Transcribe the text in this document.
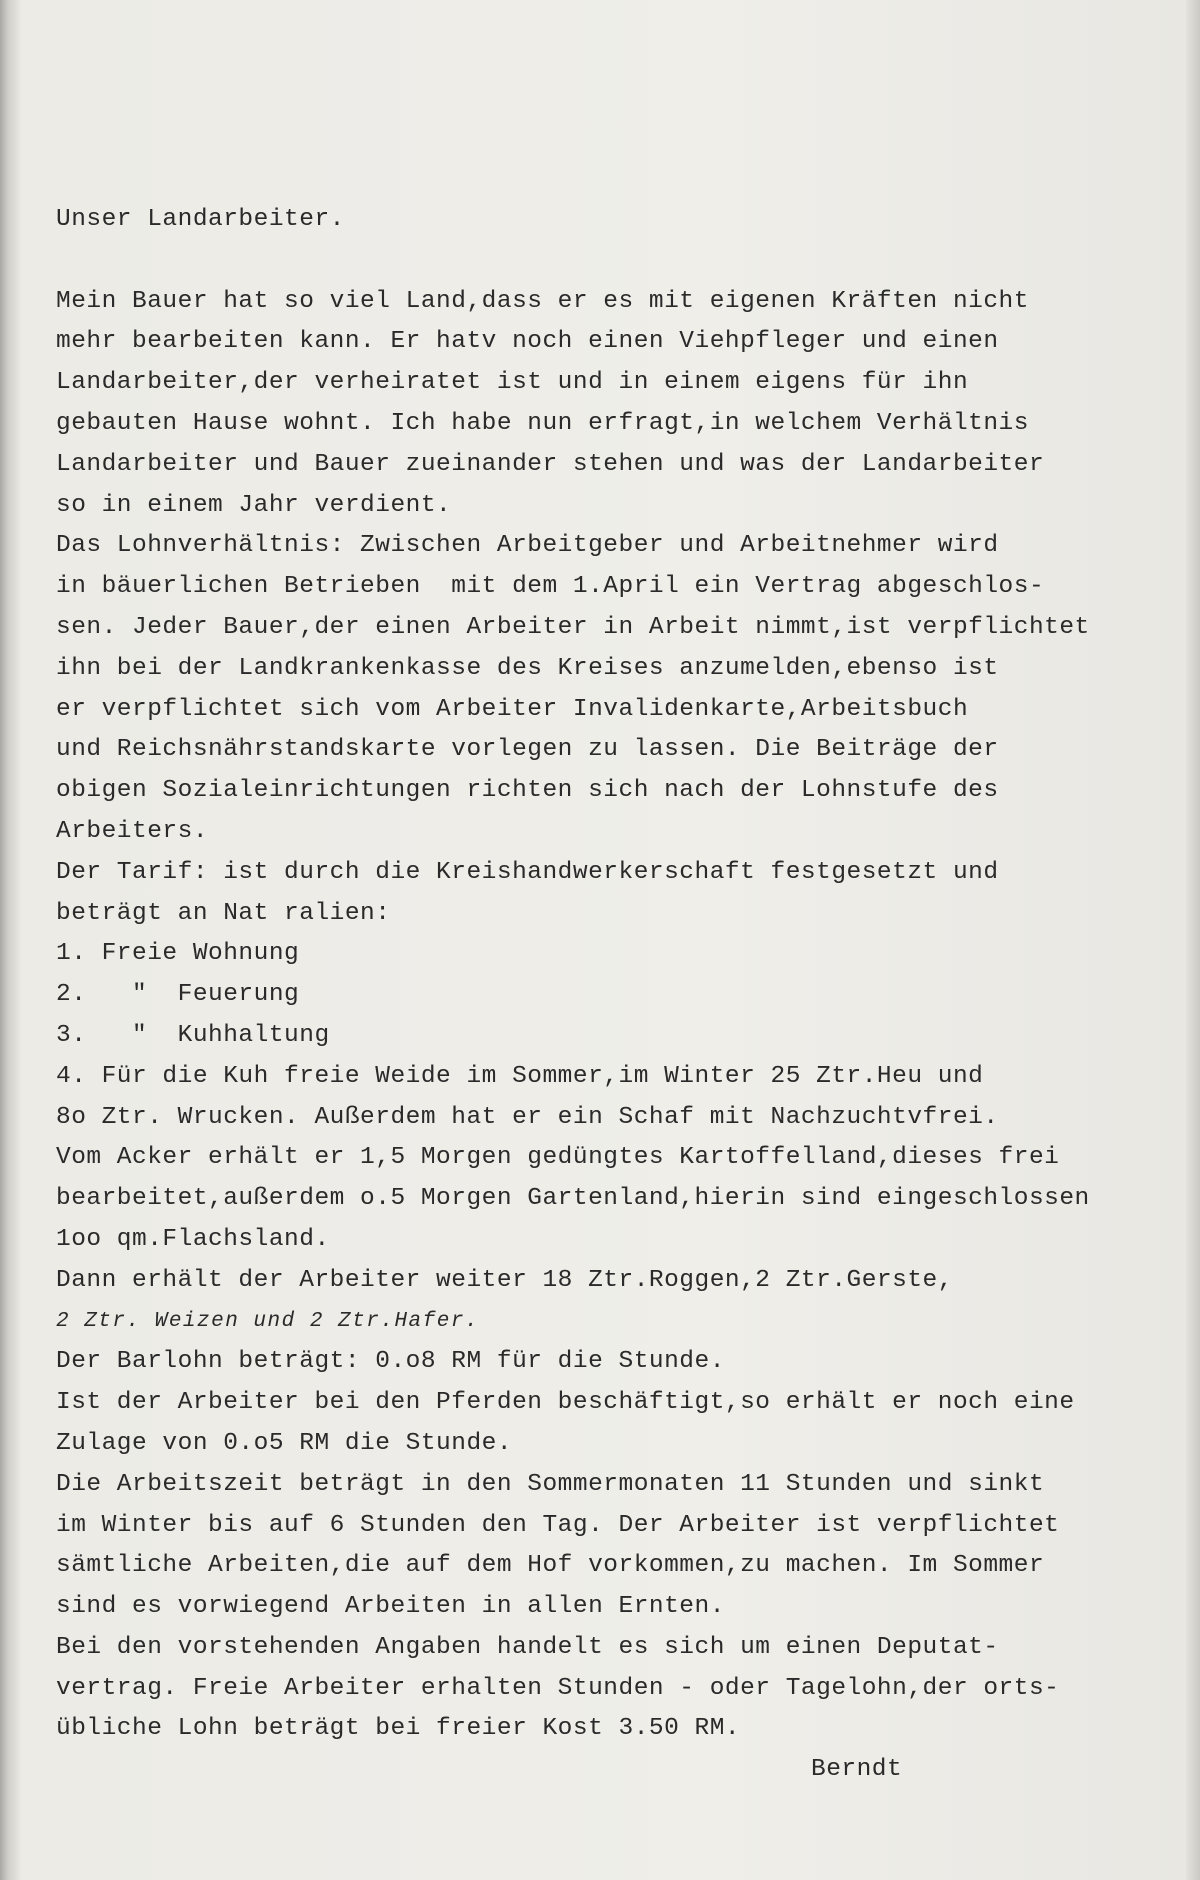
Unser Landarbeiter.
Mein Bauer hat so viel Land,dass er es mit eigenen Kräften nicht
mehr bearbeiten kann. Er hatv noch einen Viehpfleger und einen
Landarbeiter,der verheiratet ist und in einem eigens für ihn
gebauten Hause wohnt. Ich habe nun erfragt,in welchem Verhältnis
Landarbeiter und Bauer zueinander stehen und was der Landarbeiter
so in einem Jahr verdient.
Das Lohnverhältnis: Zwischen Arbeitgeber und Arbeitnehmer wird
in bäuerlichen Betrieben  mit dem 1.April ein Vertrag abgeschlos-
sen. Jeder Bauer,der einen Arbeiter in Arbeit nimmt,ist verpflichtet
ihn bei der Landkrankenkasse des Kreises anzumelden,ebenso ist
er verpflichtet sich vom Arbeiter Invalidenkarte,Arbeitsbuch
und Reichsnährstandskarte vorlegen zu lassen. Die Beiträge der
obigen Sozialeinrichtungen richten sich nach der Lohnstufe des
Arbeiters.
Der Tarif: ist durch die Kreishandwerkerschaft festgesetzt und
beträgt an Nat ralien:
1. Freie Wohnung
2.   "  Feuerung
3.   "  Kuhhaltung
4. Für die Kuh freie Weide im Sommer,im Winter 25 Ztr.Heu und
8o Ztr. Wrucken. Außerdem hat er ein Schaf mit Nachzuchtvfrei.
Vom Acker erhält er 1,5 Morgen gedüngtes Kartoffelland,dieses frei
bearbeitet,außerdem o.5 Morgen Gartenland,hierin sind eingeschlossen
1oo qm.Flachsland.
Dann erhält der Arbeiter weiter 18 Ztr.Roggen,2 Ztr.Gerste,
2 Ztr. Weizen und 2 Ztr.Hafer.
Der Barlohn beträgt: 0.o8 RM für die Stunde.
Ist der Arbeiter bei den Pferden beschäftigt,so erhält er noch eine
Zulage von 0.o5 RM die Stunde.
Die Arbeitszeit beträgt in den Sommermonaten 11 Stunden und sinkt
im Winter bis auf 6 Stunden den Tag. Der Arbeiter ist verpflichtet
sämtliche Arbeiten,die auf dem Hof vorkommen,zu machen. Im Sommer
sind es vorwiegend Arbeiten in allen Ernten.
Bei den vorstehenden Angaben handelt es sich um einen Deputat-
vertrag. Freie Arbeiter erhalten Stunden - oder Tagelohn,der orts-
übliche Lohn beträgt bei freier Kost 3.50 RM.
Berndt
